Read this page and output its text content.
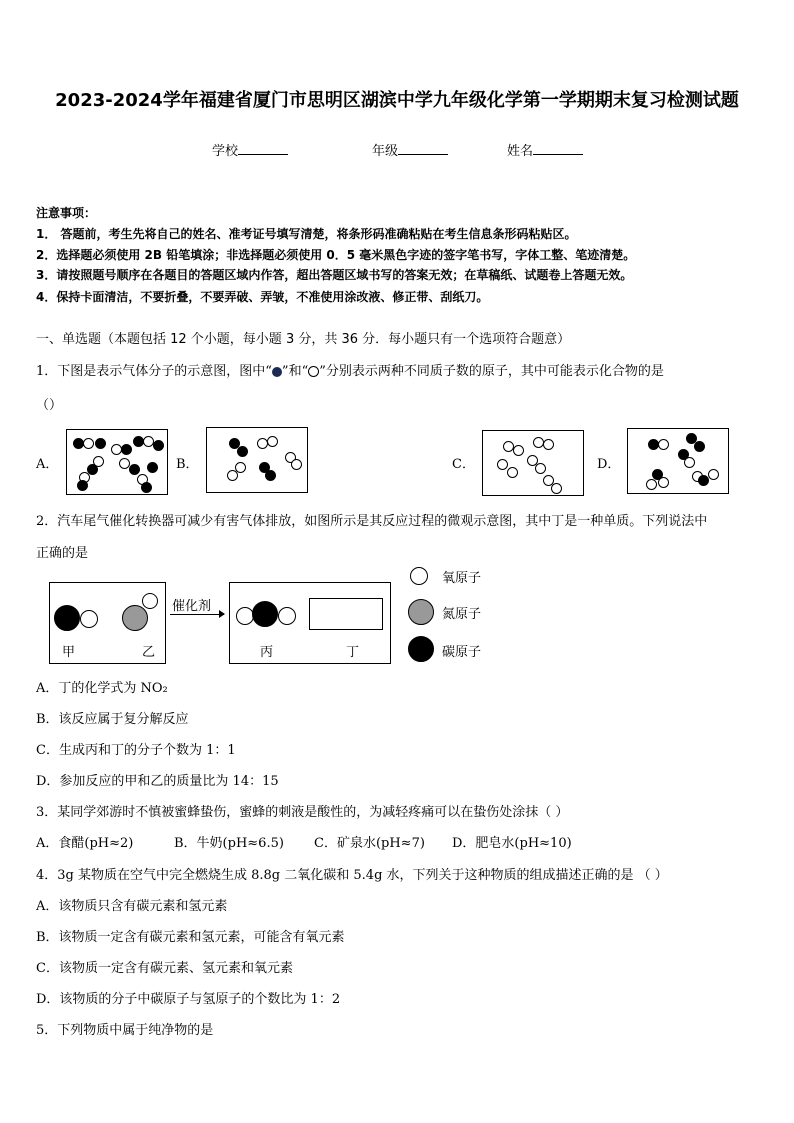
2023-2024学年福建省厦门市思明区湖滨中学九年级化学第一学期期末复习检测试题
学校	年级	姓名
注意事项：
1． 答题前，考生先将自己的姓名、准考证号填写清楚，将条形码准确粘贴在考生信息条形码粘贴区。
2．选择题必须使用 2B 铅笔填涂；非选择题必须使用 0．5 毫米黑色字迹的签字笔书写，字体工整、笔迹清楚。
3．请按照题号顺序在各题目的答题区域内作答，超出答题区域书写的答案无效；在草稿纸、试题卷上答题无效。
4．保持卡面清洁，不要折叠，不要弄破、弄皱，不准使用涂改液、修正带、刮纸刀。
一、单选题（本题包括 12 个小题，每小题 3 分，共 36 分．每小题只有一个选项符合题意）
1．下图是表示气体分子的示意图，图中“ ”和“ ”分别表示两种不同质子数的原子，其中可能表示化合物的是
（）
A．	B．	C．	D．
2．汽车尾气催化转换器可减少有害气体排放，如图所示是其反应过程的微观示意图，其中丁是一种单质。下列说法中
正确的是
甲	乙
催化剂
丙	丁
氧原子
氮原子
碳原子
A．丁的化学式为 NO₂
B．该反应属于复分解反应
C．生成丙和丁的分子个数为 1：1
D．参加反应的甲和乙的质量比为 14：15
3．某同学郊游时不慎被蜜蜂蛰伤，蜜蜂的刺液是酸性的，为减轻疼痛可以在蛰伤处涂抹（ ）
A．食醋(pH≈2)	B．牛奶(pH≈6.5) C．矿泉水(pH≈7) D．肥皂水(pH≈10)
4．3g 某物质在空气中完全燃烧生成 8.8g 二氧化碳和 5.4g 水，下列关于这种物质的组成描述正确的是 （ ）
A．该物质只含有碳元素和氢元素
B．该物质一定含有碳元素和氢元素，可能含有氧元素
C．该物质一定含有碳元素、氢元素和氧元素
D．该物质的分子中碳原子与氢原子的个数比为 1：2
5．下列物质中属于纯净物的是
